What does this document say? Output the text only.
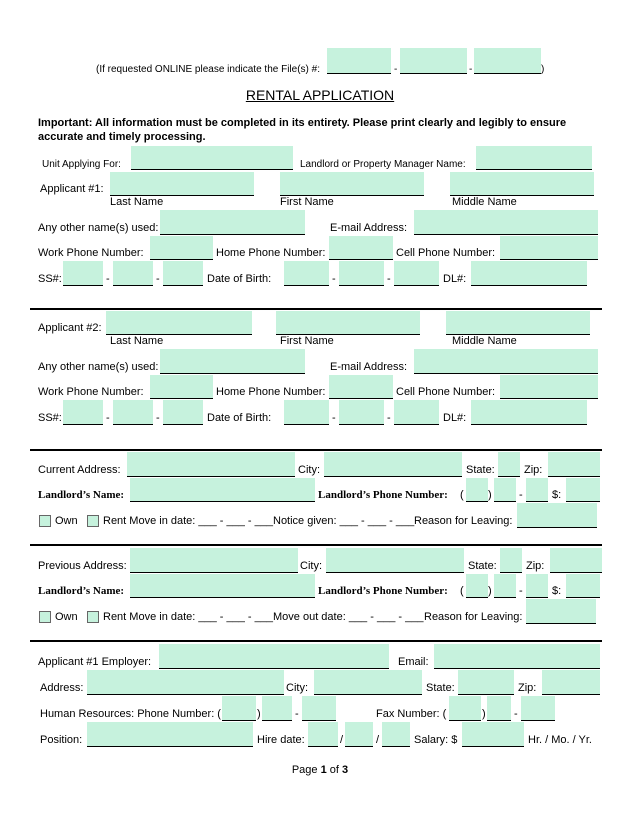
(If requested ONLINE please indicate the File(s) #:	-	-	)
RENTAL APPLICATION
Important: All information must be completed in its entirety. Please print clearly and legibly to ensure accurate and timely processing.
Unit Applying For:	Landlord or Property Manager Name:
Applicant #1:
Last Name	First Name	Middle Name
Any other name(s) used:	E-mail Address:
Work Phone Number:	Home Phone Number:	Cell Phone Number:
SS#:	-	-	Date of Birth:	-	-	DL#:
Applicant #2:
Last Name	First Name	Middle Name
Any other name(s) used:	E-mail Address:
Work Phone Number:	Home Phone Number:	Cell Phone Number:
SS#:	-	-	Date of Birth:	-	-	DL#:
Current Address:	City:	State:	Zip:
Landlord’s Name:	Landlord’s Phone Number: ( ) -	$:
Own Rent Move in date: ___ - ___ - ___ Notice given: ___ - ___ - ___ Reason for Leaving:
Previous Address:	City:	State:	Zip:
Landlord’s Name:	Landlord’s Phone Number: ( ) -	$:
Own Rent Move in date: ___ - ___ - ___ Move out date: ___ - ___ - ___ Reason for Leaving:
Applicant #1 Employer:	Email:
Address:	City:	State:	Zip:
Human Resources: Phone Number: (	)	-	Fax Number: (	)	-
Position:	Hire date:	/	/	Salary: $	Hr. / Mo. / Yr.
Page 1 of 3
